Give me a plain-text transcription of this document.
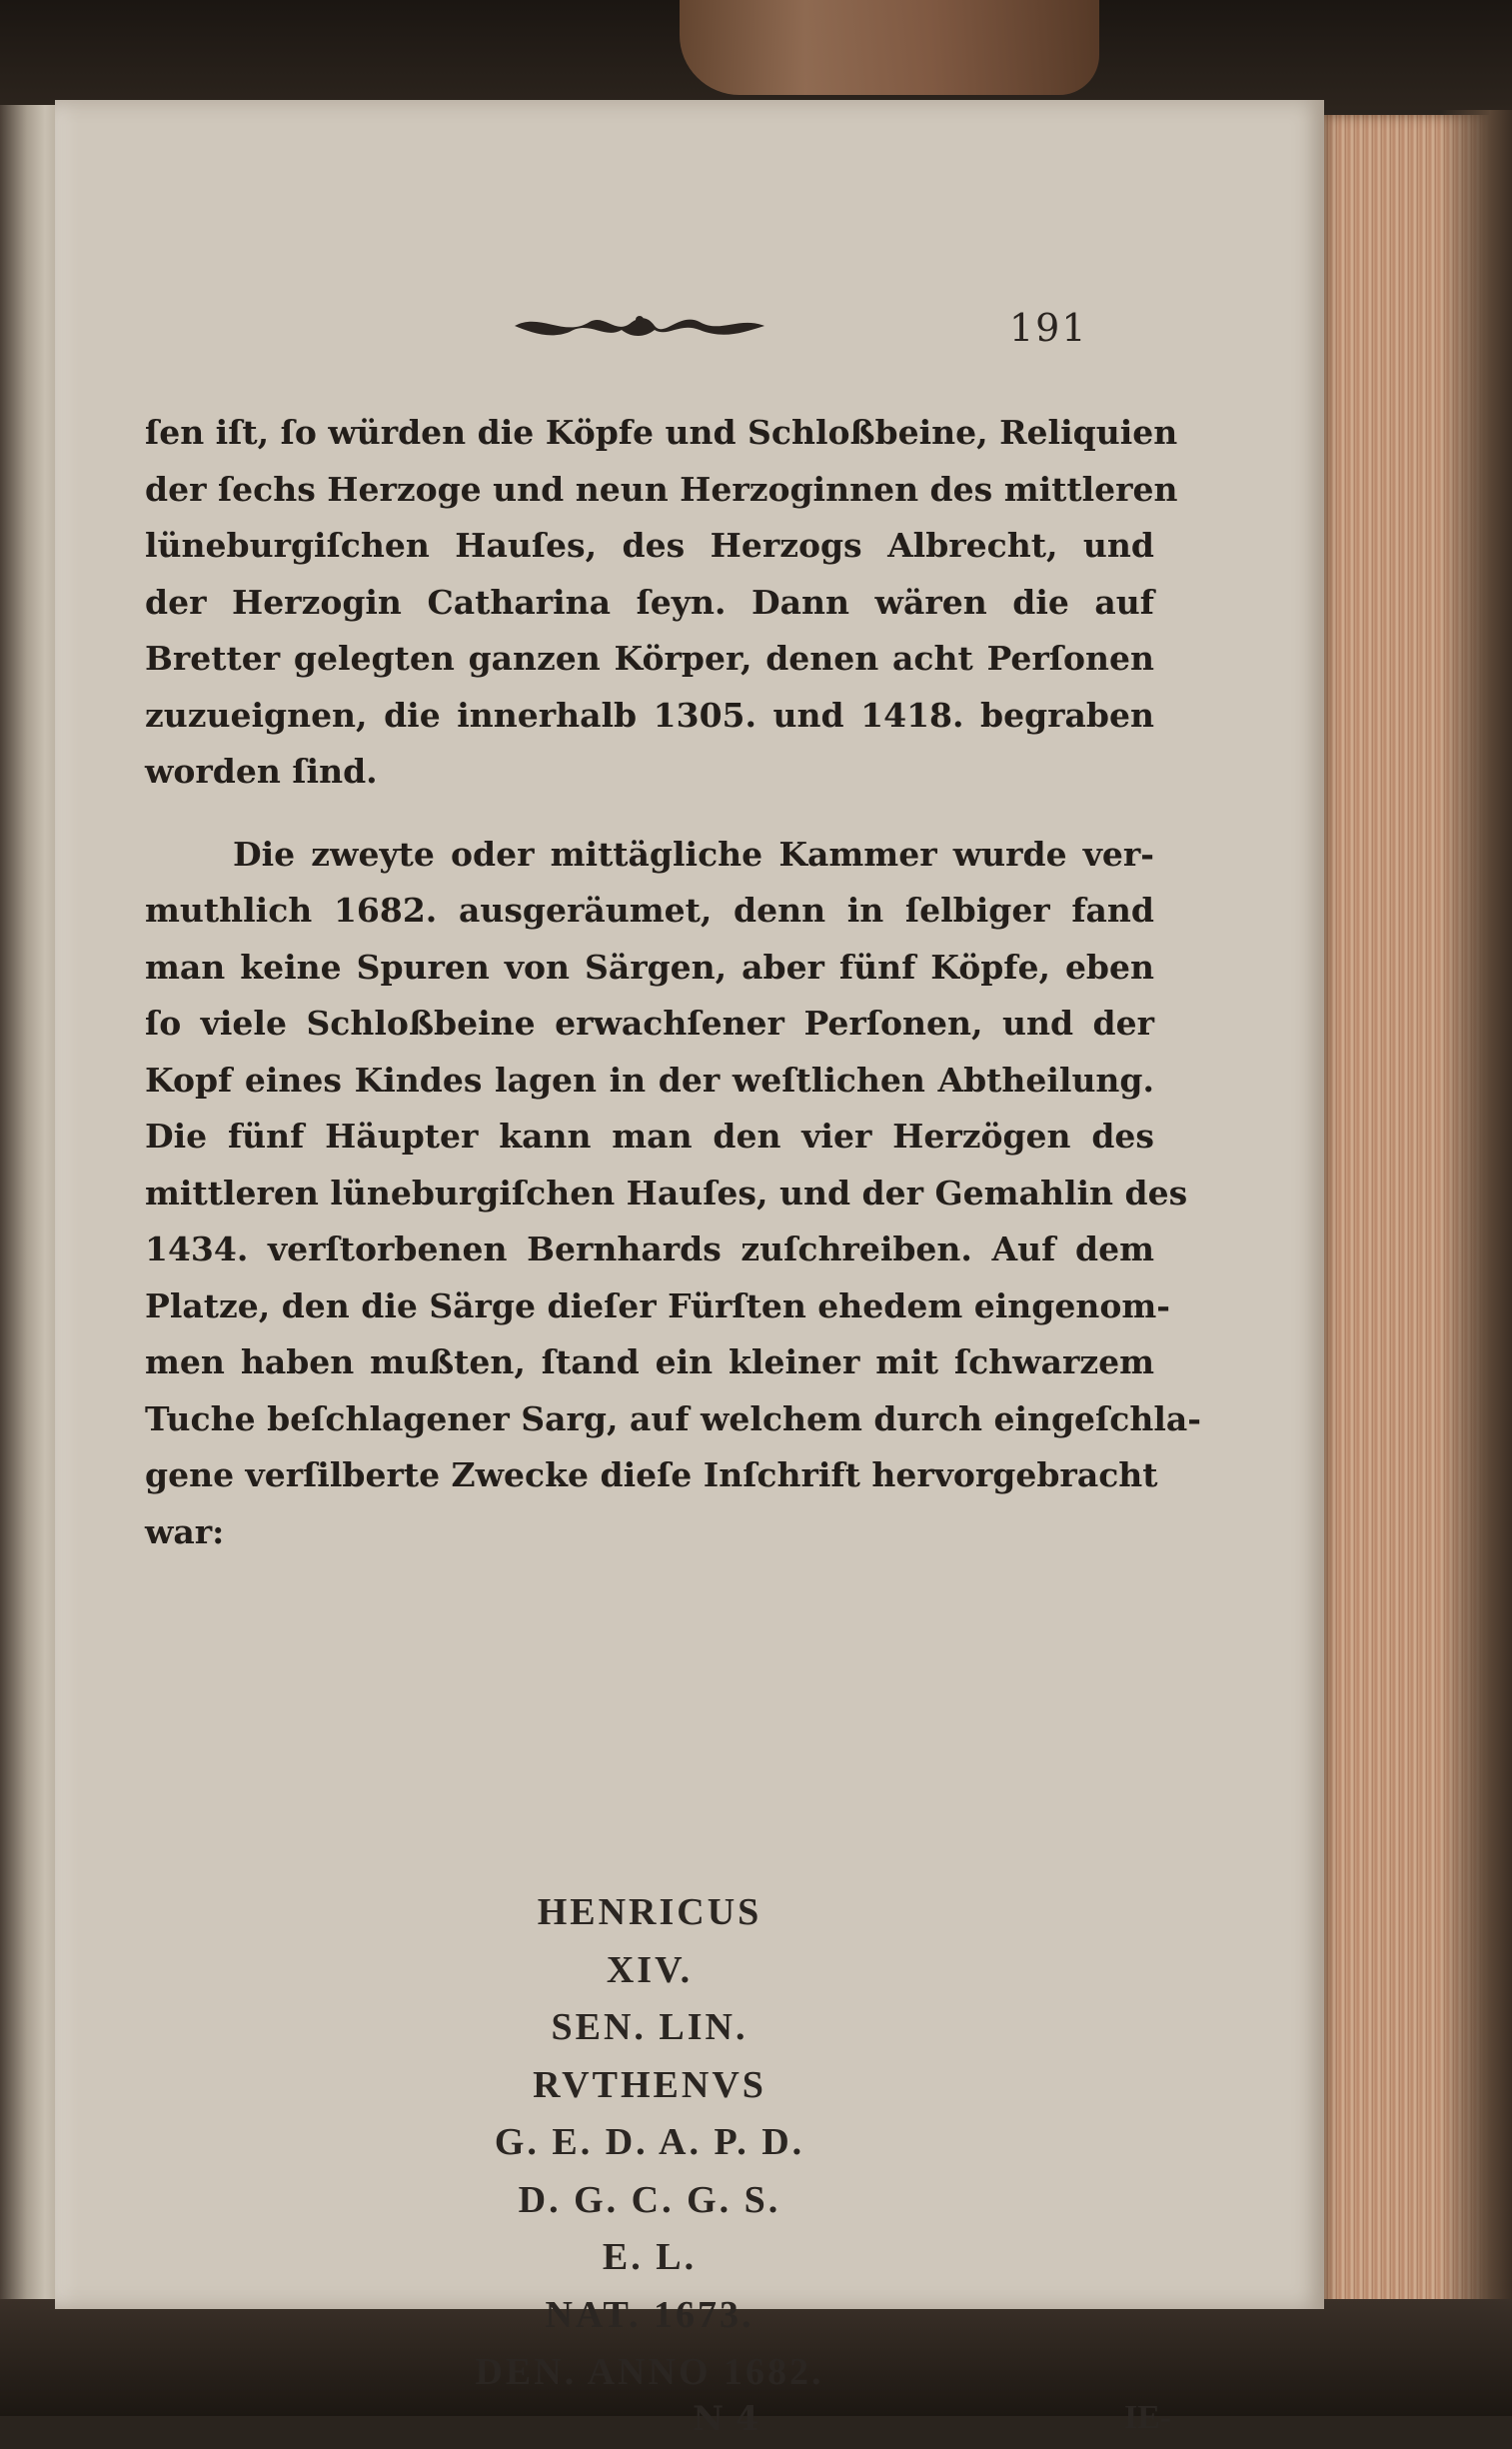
191
ſen iſt, ſo würden die Köpfe und Schloßbeine, Reliquien
der ſechs Herzoge und neun Herzoginnen des mittleren
lüneburgiſchen Hauſes, des Herzogs Albrecht, und
der Herzogin Catharina ſeyn. Dann wären die auf
Bretter gelegten ganzen Körper, denen acht Perſonen
zuzueignen, die innerhalb 1305. und 1418. begraben
worden ſind.
Die zweyte oder mittägliche Kammer wurde ver-
muthlich 1682. ausgeräumet, denn in ſelbiger fand
man keine Spuren von Särgen, aber fünf Köpfe, eben
ſo viele Schloßbeine erwachſener Perſonen, und der
Kopf eines Kindes lagen in der weſtlichen Abtheilung.
Die fünf Häupter kann man den vier Herzögen des
mittleren lüneburgiſchen Hauſes, und der Gemahlin des
1434. verſtorbenen Bernhards zuſchreiben. Auf dem
Platze, den die Särge dieſer Fürſten ehedem eingenom-
men haben mußten, ſtand ein kleiner mit ſchwarzem
Tuche beſchlagener Sarg, auf welchem durch eingeſchla-
gene verſilberte Zwecke dieſe Inſchrift hervorgebracht
war:
HENRICUS
XIV.
SEN. LIN.
RVTHENVS
G. E. D. A. P. D.
D. G. C. G. S.
E. L.
NAT. 1673.
DEN. ANNO 1682.
N 4	IE-
